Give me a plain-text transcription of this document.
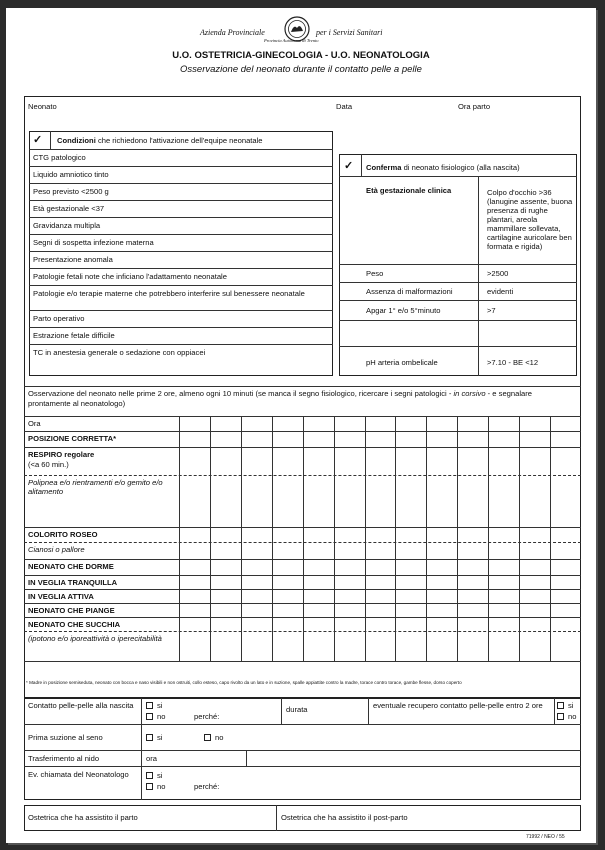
Azienda Provinciale	per i Servizi Sanitari
Provincia Autonoma di Trento
U.O. OSTETRICIA-GINECOLOGIA - U.O. NEONATOLOGIA
Osservazione del neonato durante il contatto pelle a pelle
Neonato	Data	Ora parto
✓ Condizioni che richiedono l'attivazione dell'equipe neonatale
✓ Conferma di neonato fisiologico (alla nascita)
Osservazione del neonato nelle prime 2 ore, almeno ogni 10 minuti (se manca il segno fisiologico, ricercare i segni patologici - in corsivo - e segnalare prontamente al neonatologo)
* Madre in posizione semiseduta, neonato con bocca e naso visibili e non ostruiti, collo esteso, capo rivolto da un lato e in suzione, spalle appiattite contro la madre, torace contro torace, gambe flesse, dorso coperto
Contatto pelle-pelle alla nascita	si
no	perché:
durata	eventuale recupero contatto pelle-pelle entro 2 ore	si
no
Prima suzione al seno	si	no
Trasferimento al nido	ora
Ev. chiamata del Neonatologo	si
no	perché:
Ostetrica che ha assistito il parto	Ostetrica che ha assistito il post-parto
71992 / NEO / 55
CTG patologico
Liquido amniotico tinto
Peso previsto <2500 g
Età gestazionale <37
Gravidanza multipla
Segni di sospetta infezione materna
Presentazione anomala
Patologie fetali note che inficiano l'adattamento neonatale
Patologie e/o terapie materne che potrebbero interferire sul benessere neonatale
Parto operativo
Estrazione fetale difficile
TC in anestesia generale o sedazione con oppiacei
Età gestazionale clinica	Colpo d'occhio >36 (lanugine assente, buona presenza di rughe plantari, areola mammillare sollevata, cartilagine auricolare ben formata e rigida)
Peso	>2500
Assenza di malformazioni	evidenti
Apgar 1° e/o 5°minuto	>7
pH arteria ombelicale	>7.10 - BE <12
Ora
POSIZIONE CORRETTA*
RESPIRO regolare
(<a 60 min.)
Polipnea e/o rientramenti e/o gemito e/o alitamento
COLORITO ROSEO
Cianosi o pallore
NEONATO CHE DORME
IN VEGLIA TRANQUILLA
IN VEGLIA ATTIVA
NEONATO CHE PIANGE
NEONATO CHE SUCCHIA
(ipotono e/o iporeattività o iperecitabilità
